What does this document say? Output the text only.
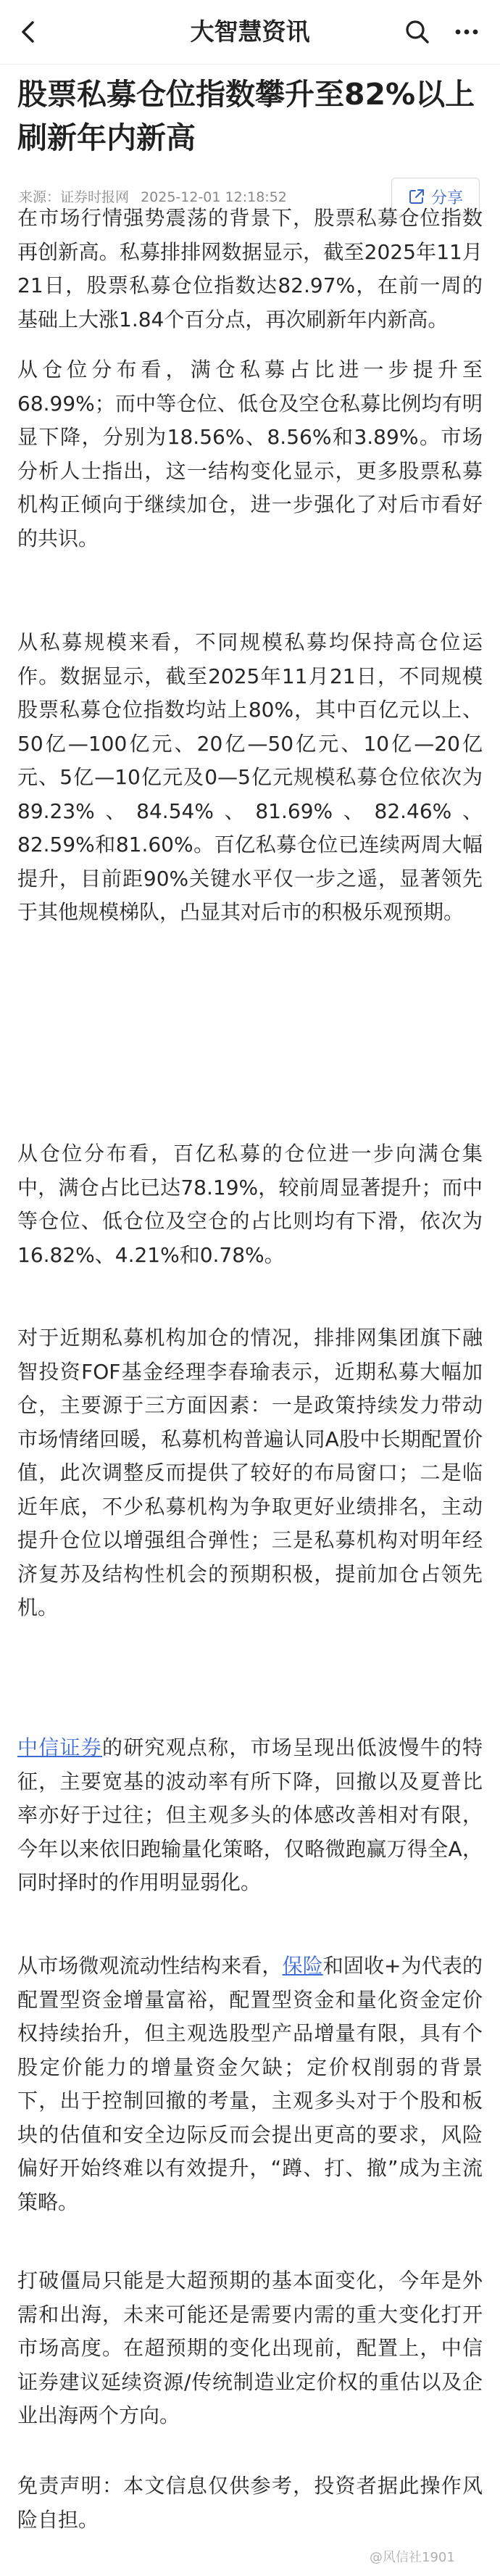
大智慧资讯
股票私募仓位指数攀升至82%以上刷新年内新高
来源：证券时报网 2025-12-01 12:18:52	分享
在市场行情强势震荡的背景下，股票私募仓位指数再创新高。私募排排网数据显示，截至2025年11月21日，股票私募仓位指数达82.97%，在前一周的基础上大涨1.84个百分点，再次刷新年内新高。
从仓位分布看，满仓私募占比进一步提升至68.99%；而中等仓位、低仓及空仓私募比例均有明显下降，分别为18.56%、8.56%和3.89%。市场分析人士指出，这一结构变化显示，更多股票私募机构正倾向于继续加仓，进一步强化了对后市看好的共识。
从私募规模来看，不同规模私募均保持高仓位运作。数据显示，截至2025年11月21日，不同规模股票私募仓位指数均站上80%，其中百亿元以上、50亿—100亿元、20亿—50亿元、10亿—20亿元、5亿—10亿元及0—5亿元规模私募仓位依次为89.23%、84.54%、81.69%、82.46%、82.59%和81.60%。百亿私募仓位已连续两周大幅提升，目前距90%关键水平仅一步之遥，显著领先于其他规模梯队，凸显其对后市的积极乐观预期。
从仓位分布看，百亿私募的仓位进一步向满仓集中，满仓占比已达78.19%，较前周显著提升；而中等仓位、低仓位及空仓的占比则均有下滑，依次为16.82%、4.21%和0.78%。
对于近期私募机构加仓的情况，排排网集团旗下融智投资FOF基金经理李春瑜表示，近期私募大幅加仓，主要源于三方面因素：一是政策持续发力带动市场情绪回暖，私募机构普遍认同A股中长期配置价值，此次调整反而提供了较好的布局窗口；二是临近年底，不少私募机构为争取更好业绩排名，主动提升仓位以增强组合弹性；三是私募机构对明年经济复苏及结构性机会的预期积极，提前加仓占领先机。
中信证券的研究观点称，市场呈现出低波慢牛的特征，主要宽基的波动率有所下降，回撤以及夏普比率亦好于过往；但主观多头的体感改善相对有限，今年以来依旧跑输量化策略，仅略微跑赢万得全A，同时择时的作用明显弱化。
从市场微观流动性结构来看，保险和固收+为代表的配置型资金增量富裕，配置型资金和量化资金定价权持续抬升，但主观选股型产品增量有限，具有个股定价能力的增量资金欠缺；定价权削弱的背景下，出于控制回撤的考量，主观多头对于个股和板块的估值和安全边际反而会提出更高的要求，风险偏好开始终难以有效提升，“蹲、打、撤”成为主流策略。
打破僵局只能是大超预期的基本面变化，今年是外需和出海，未来可能还是需要内需的重大变化打开市场高度。在超预期的变化出现前，配置上，中信证券建议延续资源/传统制造业定价权的重估以及企业出海两个方向。
免责声明：本文信息仅供参考，投资者据此操作风险自担。
@风信社1901
